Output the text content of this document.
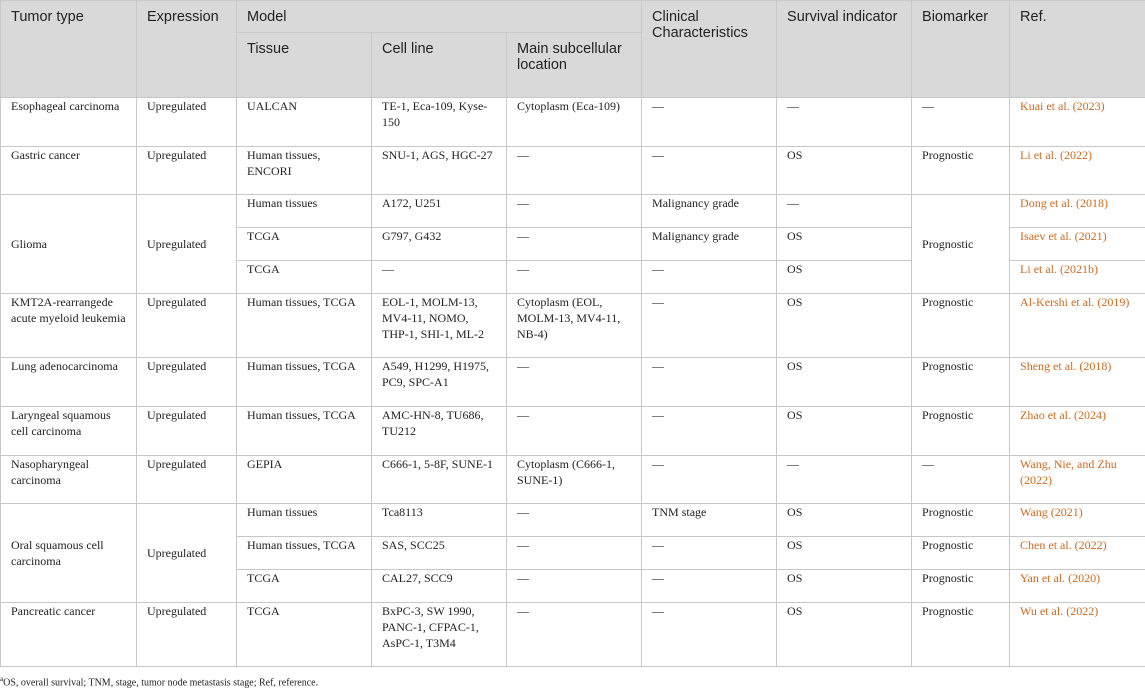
Tumor type	Expression	Model			Clinical Characteristics	Survival indicator	Biomarker	Ref.
		Tissue	Cell line	Main subcellular location				
Esophageal carcinoma	Upregulated	UALCAN	TE-1, Eca-109, Kyse-150	Cytoplasm (Eca-109)	—	—	—	Kuai et al. (2023)
Gastric cancer	Upregulated	Human tissues, ENCORI	SNU-1, AGS, HGC-27	—	—	OS	Prognostic	Li et al. (2022)
Glioma	Upregulated	Human tissues	A172, U251	—	Malignancy grade	—	Prognostic	Dong et al. (2018)
		TCGA	G797, G432	—	Malignancy grade	OS		Isaev et al. (2021)
		TCGA	—	—	—	OS		Li et al. (2021b)
KMT2A-rearrangede acute myeloid leukemia	Upregulated	Human tissues, TCGA	EOL-1, MOLM-13, MV4-11, NOMO, THP-1, SHI-1, ML-2	Cytoplasm (EOL, MOLM-13, MV4-11, NB-4)	—	OS	Prognostic	Al-Kershi et al. (2019)
Lung adenocarcinoma	Upregulated	Human tissues, TCGA	A549, H1299, H1975, PC9, SPC-A1	—	—	OS	Prognostic	Sheng et al. (2018)
Laryngeal squamous cell carcinoma	Upregulated	Human tissues, TCGA	AMC-HN-8, TU686, TU212	—	—	OS	Prognostic	Zhao et al. (2024)
Nasopharyngeal carcinoma	Upregulated	GEPIA	C666-1, 5-8F, SUNE-1	Cytoplasm (C666-1, SUNE-1)	—	—	—	Wang, Nie, and Zhu (2022)
Oral squamous cell carcinoma	Upregulated	Human tissues	Tca8113	—	TNM stage	OS	Prognostic	Wang (2021)
		Human tissues, TCGA	SAS, SCC25	—	—	OS	Prognostic	Chen et al. (2022)
		TCGA	CAL27, SCC9	—	—	OS	Prognostic	Yan et al. (2020)
Pancreatic cancer	Upregulated	TCGA	BxPC-3, SW 1990, PANC-1, CFPAC-1, AsPC-1, T3M4	—	—	OS	Prognostic	Wu et al. (2022)
$^a$OS, overall survival; TNM, stage, tumor node metastasis stage; Ref, reference.
